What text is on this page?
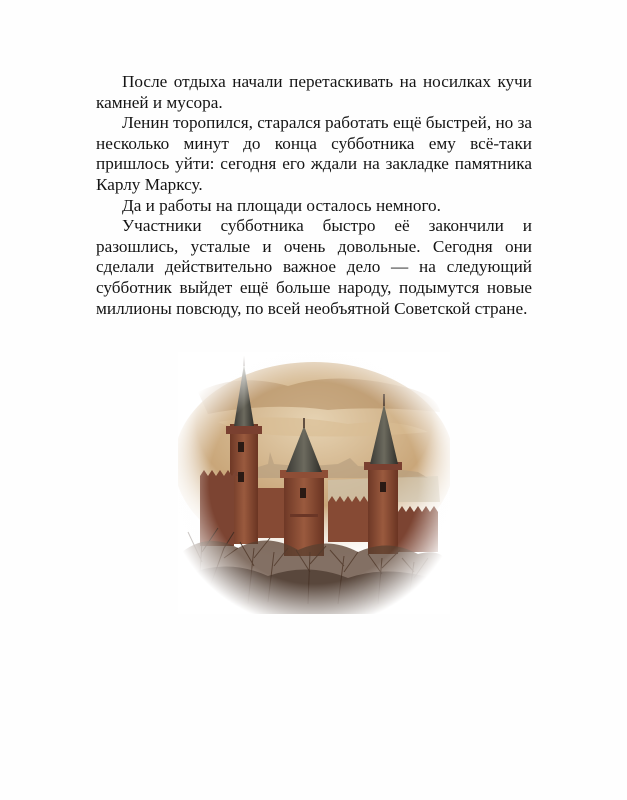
После отдыха начали перетаскивать на носилках кучи камней и мусора.

Ленин торопился, старался работать ещё быстрей, но за несколько минут до конца субботника ему всё-таки пришлось уйти: сегодня его ждали на закладке памятника Карлу Марксу.

Да и работы на площади осталось немного.

Участники субботника быстро её закончили и разошлись, усталые и очень довольные. Сегодня они сделали действительно важное дело — на следующий субботник выйдет ещё больше народу, подымутся новые миллионы повсюду, по всей необъятной Советской стране.
